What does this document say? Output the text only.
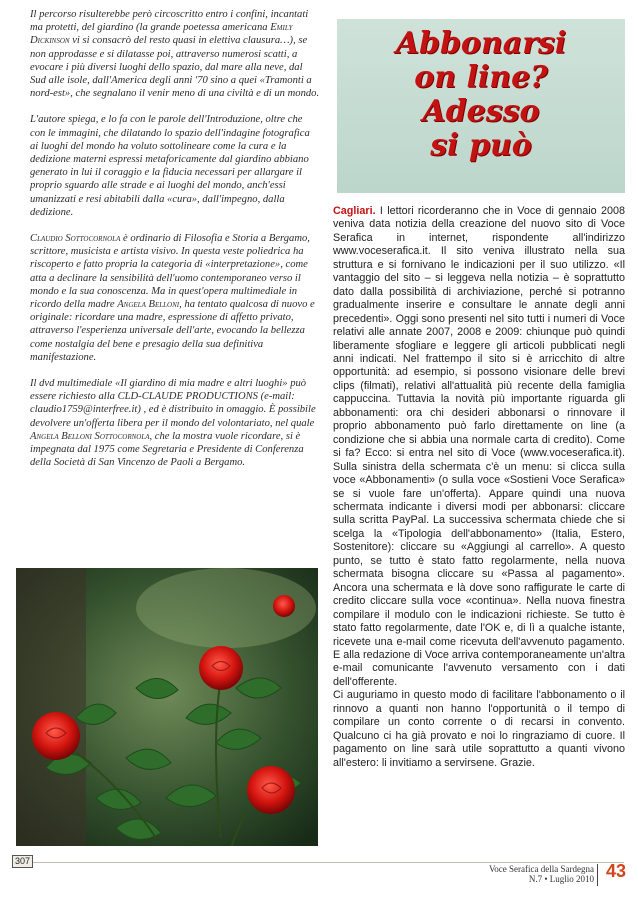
Il percorso risulterebbe però circoscritto entro i confini, incantati ma protetti, del giardino (la grande poetessa americana Emily Dickinson vi si consacrò del resto quasi in elettiva clausura…), se non approdasse e si dilatasse poi, attraverso numerosi scatti, a evocare i più diversi luoghi dello spazio, dal mare alla neve, dal Sud alle isole, dall'America degli anni '70 sino a quei «Tramonti a nord-est», che segnalano il venir meno di una civiltà e di un mondo.

L'autore spiega, e lo fa con le parole dell'Introduzione, oltre che con le immagini, che dilatando lo spazio dell'indagine fotografica ai luoghi del mondo ha voluto sottolineare come la cura e la dedizione materni espressi metaforicamente dal giardino abbiano generato in lui il coraggio e la fiducia necessari per allargare il proprio sguardo alle strade e ai luoghi del mondo, anch'essi umanizzati e resi abitabili dalla «cura», dall'impegno, dalla dedizione.

Claudio Sottocornola è ordinario di Filosofia e Storia a Bergamo, scrittore, musicista e artista visivo. In questa veste poliedrica ha riscoperto e fatto propria la categoria di «interpretazione», come atta a declinare la sensibilità dell'uomo contemporaneo verso il mondo e la sua conoscenza. Ma in quest'opera multimediale in ricordo della madre Angela Belloni, ha tentato qualcosa di nuovo e originale: ricordare una madre, espressione di affetto privato, attraverso l'esperienza universale dell'arte, evocando la bellezza come nostalgia del bene e presagio della sua definitiva manifestazione.

Il dvd multimediale «Il giardino di mia madre e altri luoghi» può essere richiesto alla CLD-CLAUDE PRODUCTIONS (e-mail: claudio1759@interfree.it) , ed è distribuito in omaggio. È possibile devolvere un'offerta libera per il mondo del volontariato, nel quale Angela Belloni Sottocornola, che la mostra vuole ricordare, si è impegnata dal 1975 come Segretaria e Presidente di Conferenza della Società di San Vincenzo de Paoli a Bergamo.

Abbonarsi
on line?
Adesso
si può

Cagliari. I lettori ricorderanno che in Voce di gennaio 2008 veniva data notizia della creazione del nuovo sito di Voce Serafica in internet, rispondente all'indirizzo www.voceserafica.it. Il sito veniva illustrato nella sua struttura e si fornivano le indicazioni per il suo utilizzo. «Il vantaggio del sito – si leggeva nella notizia – è soprattutto dato dalla possibilità di archiviazione, perché si potranno gradualmente inserire e consultare le annate degli anni precedenti». Oggi sono presenti nel sito tutti i numeri di Voce relativi alle annate 2007, 2008 e 2009: chiunque può quindi liberamente sfogliare e leggere gli articoli pubblicati negli anni indicati. Nel frattempo il sito si è arricchito di altre opportunità: ad esempio, si possono visionare delle brevi clips (filmati), relativi all'attualità più recente della famiglia cappuccina. Tuttavia la novità più importante riguarda gli abbonamenti: ora chi desideri abbonarsi o rinnovare il proprio abbonamento può farlo direttamente on line (a condizione che si abbia una normale carta di credito). Come si fa? Ecco: si entra nel sito di Voce (www.voceserafica.it). Sulla sinistra della schermata c'è un menu: si clicca sulla voce «Abbonamenti» (o sulla voce «Sostieni Voce Serafica» se si vuole fare un'offerta). Appare quindi una nuova schermata indicante i diversi modi per abbonarsi: cliccare sulla scritta PayPal. La successiva schermata chiede che si scelga la «Tipologia dell'abbonamento» (Italia, Estero, Sostenitore): cliccare su «Aggiungi al carrello». A questo punto, se tutto è stato fatto regolarmente, nella nuova schermata bisogna cliccare su «Passa al pagamento». Ancora una schermata e là dove sono raffigurate le carte di credito cliccare sulla voce «continua». Nella nuova finestra compilare il modulo con le indicazioni richieste. Se tutto è stato fatto regolarmente, date l'OK e, di lì a qualche istante, ricevete una e-mail come ricevuta dell'avvenuto pagamento. E alla redazione di Voce arriva contemporaneamente un'altra e-mail comunicante l'avvenuto versamento con i dati dell'offerente.

Ci auguriamo in questo modo di facilitare l'abbonamento o il rinnovo a quanti non hanno l'opportunità o il tempo di compilare un conto corrente o di recarsi in convento. Qualcuno ci ha già provato e noi lo ringraziamo di cuore. Il pagamento on line sarà utile soprattutto a quanti vivono all'estero: li invitiamo a servirsene. Grazie.

307
Voce Serafica della Sardegna
N.7 • Luglio 2010 43
